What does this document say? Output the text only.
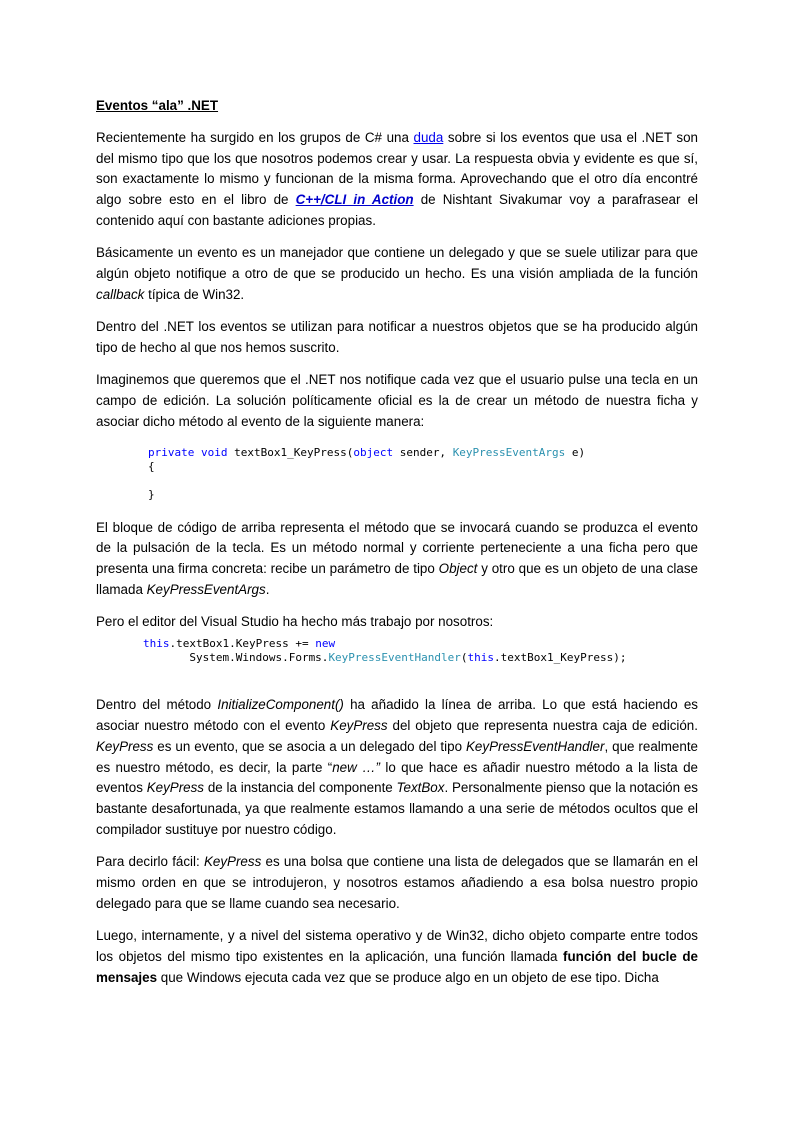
Eventos “ala” .NET

Recientemente ha surgido en los grupos de C# una duda sobre si los eventos que usa el .NET son del mismo tipo que los que nosotros podemos crear y usar. La respuesta obvia y evidente es que sí, son exactamente lo mismo y funcionan de la misma forma. Aprovechando que el otro día encontré algo sobre esto en el libro de C++/CLI in Action de Nishtant Sivakumar voy a parafrasear el contenido aquí con bastante adiciones propias.

Básicamente un evento es un manejador que contiene un delegado y que se suele utilizar para que algún objeto notifique a otro de que se producido un hecho. Es una visión ampliada de la función callback típica de Win32.

Dentro del .NET los eventos se utilizan para notificar a nuestros objetos que se ha producido algún tipo de hecho al que nos hemos suscrito.

Imaginemos que queremos que el .NET nos notifique cada vez que el usuario pulse una tecla en un campo de edición. La solución políticamente oficial es la de crear un método de nuestra ficha y asociar dicho método al evento de la siguiente manera:

private void textBox1_KeyPress(object sender, KeyPressEventArgs e)
{
}

El bloque de código de arriba representa el método que se invocará cuando se produzca el evento de la pulsación de la tecla. Es un método normal y corriente perteneciente a una ficha pero que presenta una firma concreta: recibe un parámetro de tipo Object y otro que es un objeto de una clase llamada KeyPressEventArgs.

Pero el editor del Visual Studio ha hecho más trabajo por nosotros:

this.textBox1.KeyPress += new
System.Windows.Forms.KeyPressEventHandler(this.textBox1_KeyPress);

Dentro del método InitializeComponent() ha añadido la línea de arriba. Lo que está haciendo es asociar nuestro método con el evento KeyPress del objeto que representa nuestra caja de edición. KeyPress es un evento, que se asocia a un delegado del tipo KeyPressEventHandler, que realmente es nuestro método, es decir, la parte “new …” lo que hace es añadir nuestro método a la lista de eventos KeyPress de la instancia del componente TextBox. Personalmente pienso que la notación es bastante desafortunada, ya que realmente estamos llamando a una serie de métodos ocultos que el compilador sustituye por nuestro código.

Para decirlo fácil: KeyPress es una bolsa que contiene una lista de delegados que se llamarán en el mismo orden en que se introdujeron, y nosotros estamos añadiendo a esa bolsa nuestro propio delegado para que se llame cuando sea necesario.

Luego, internamente, y a nivel del sistema operativo y de Win32, dicho objeto comparte entre todos los objetos del mismo tipo existentes en la aplicación, una función llamada función del bucle de mensajes que Windows ejecuta cada vez que se produce algo en un objeto de ese tipo. Dicha
